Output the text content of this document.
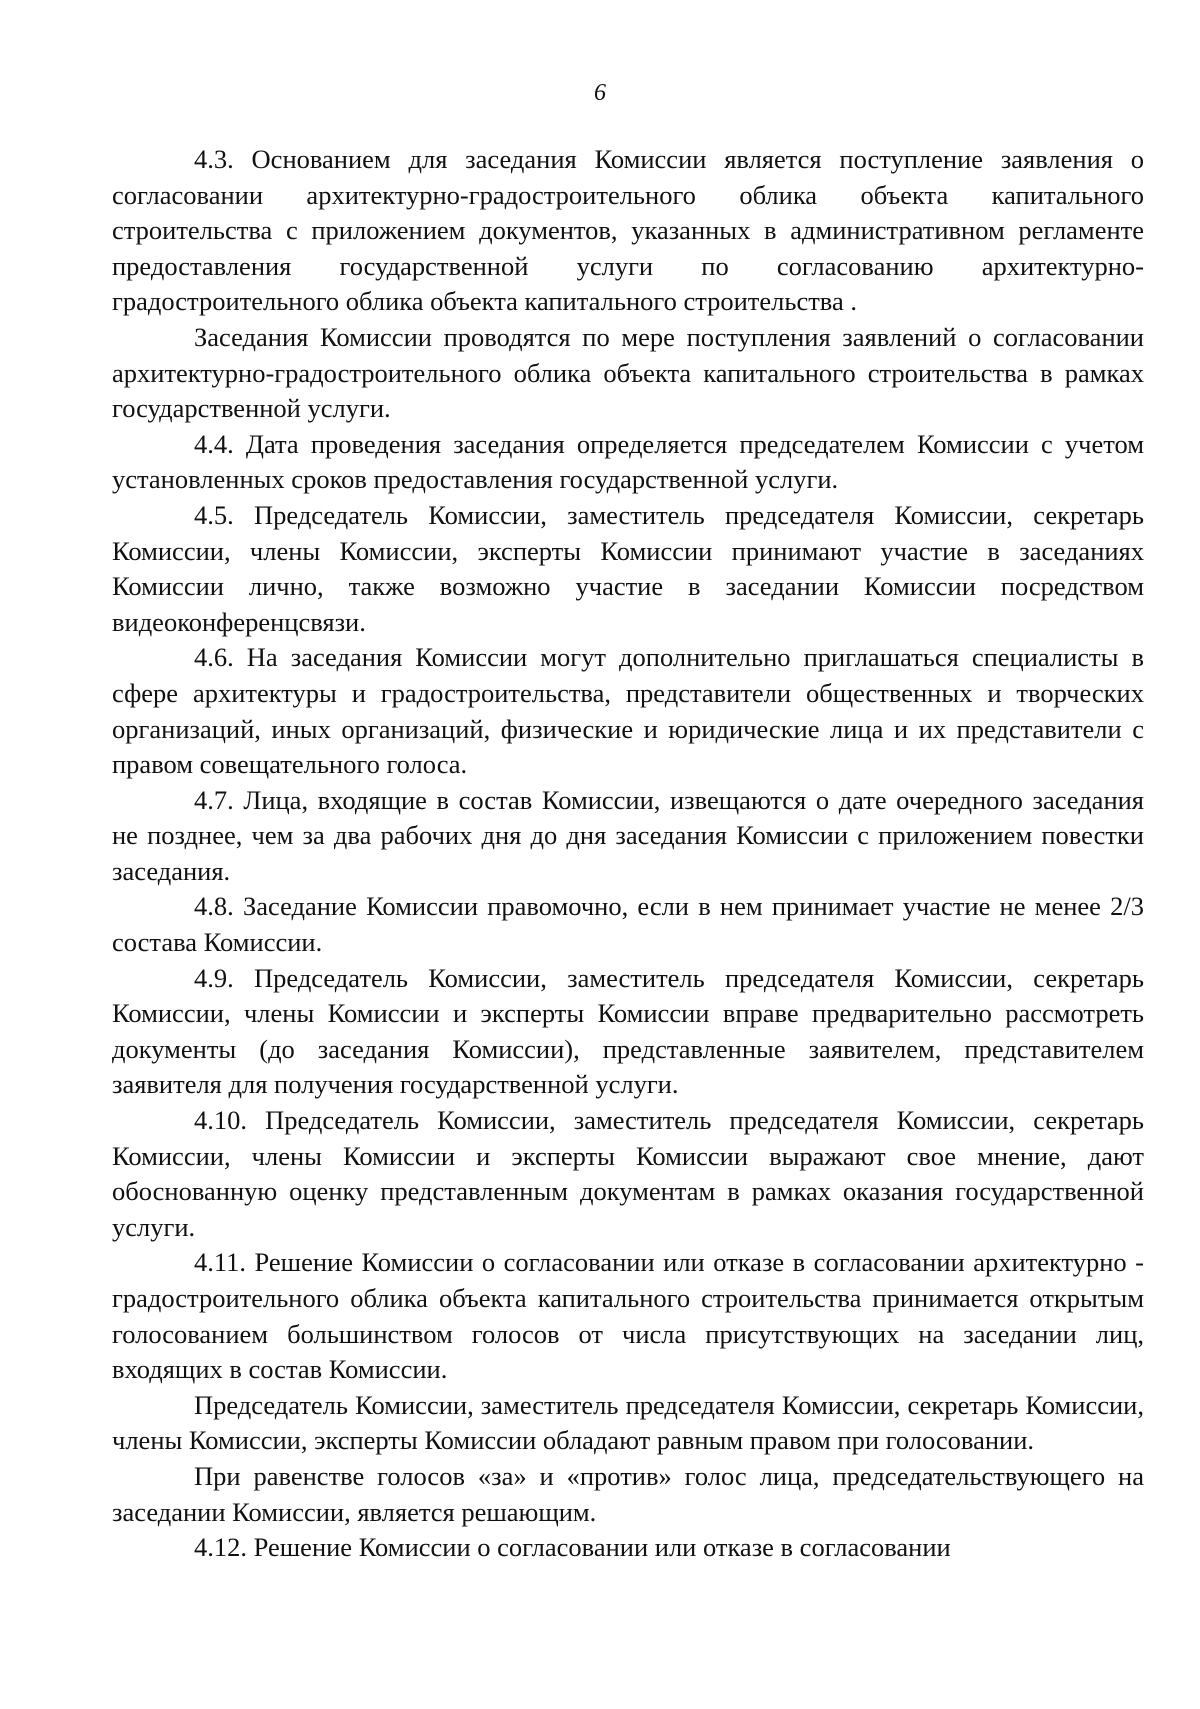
6

4.3. Основанием для заседания Комиссии является поступление заявления о согласовании архитектурно-градостроительного облика объекта капитального строительства с приложением документов, указанных в административном регламенте предоставления государственной услуги по согласованию архитектурно-градостроительного облика объекта капитального строительства .

Заседания Комиссии проводятся по мере поступления заявлений о согласовании архитектурно-градостроительного облика объекта капитального строительства в рамках государственной услуги.

4.4. Дата проведения заседания определяется председателем Комиссии с учетом установленных сроков предоставления государственной услуги.

4.5. Председатель Комиссии, заместитель председателя Комиссии, секретарь Комиссии, члены Комиссии, эксперты Комиссии принимают участие в заседаниях Комиссии лично, также возможно участие в заседании Комиссии посредством видеоконференцсвязи.

4.6. На заседания Комиссии могут дополнительно приглашаться специалисты в сфере архитектуры и градостроительства, представители общественных и творческих организаций, иных организаций, физические и юридические лица и их представители с правом совещательного голоса.

4.7. Лица, входящие в состав Комиссии, извещаются о дате очередного заседания не позднее, чем за два рабочих дня до дня заседания Комиссии с приложением повестки заседания.

4.8. Заседание Комиссии правомочно, если в нем принимает участие не менее 2/3 состава Комиссии.

4.9. Председатель Комиссии, заместитель председателя Комиссии, секретарь Комиссии, члены Комиссии и эксперты Комиссии вправе предварительно рассмотреть документы (до заседания Комиссии), представленные заявителем, представителем заявителя для получения государственной услуги.

4.10. Председатель Комиссии, заместитель председателя Комиссии, секретарь Комиссии, члены Комиссии и эксперты Комиссии выражают свое мнение, дают обоснованную оценку представленным документам в рамках оказания государственной услуги.

4.11. Решение Комиссии о согласовании или отказе в согласовании архитектурно - градостроительного облика объекта капитального строительства принимается открытым голосованием большинством голосов от числа присутствующих на заседании лиц, входящих в состав Комиссии.

Председатель Комиссии, заместитель председателя Комиссии, секретарь Комиссии, члены Комиссии, эксперты Комиссии обладают равным правом при голосовании.

При равенстве голосов «за» и «против» голос лица, председательствующего на заседании Комиссии, является решающим.

4.12. Решение Комиссии о согласовании или отказе в согласовании
